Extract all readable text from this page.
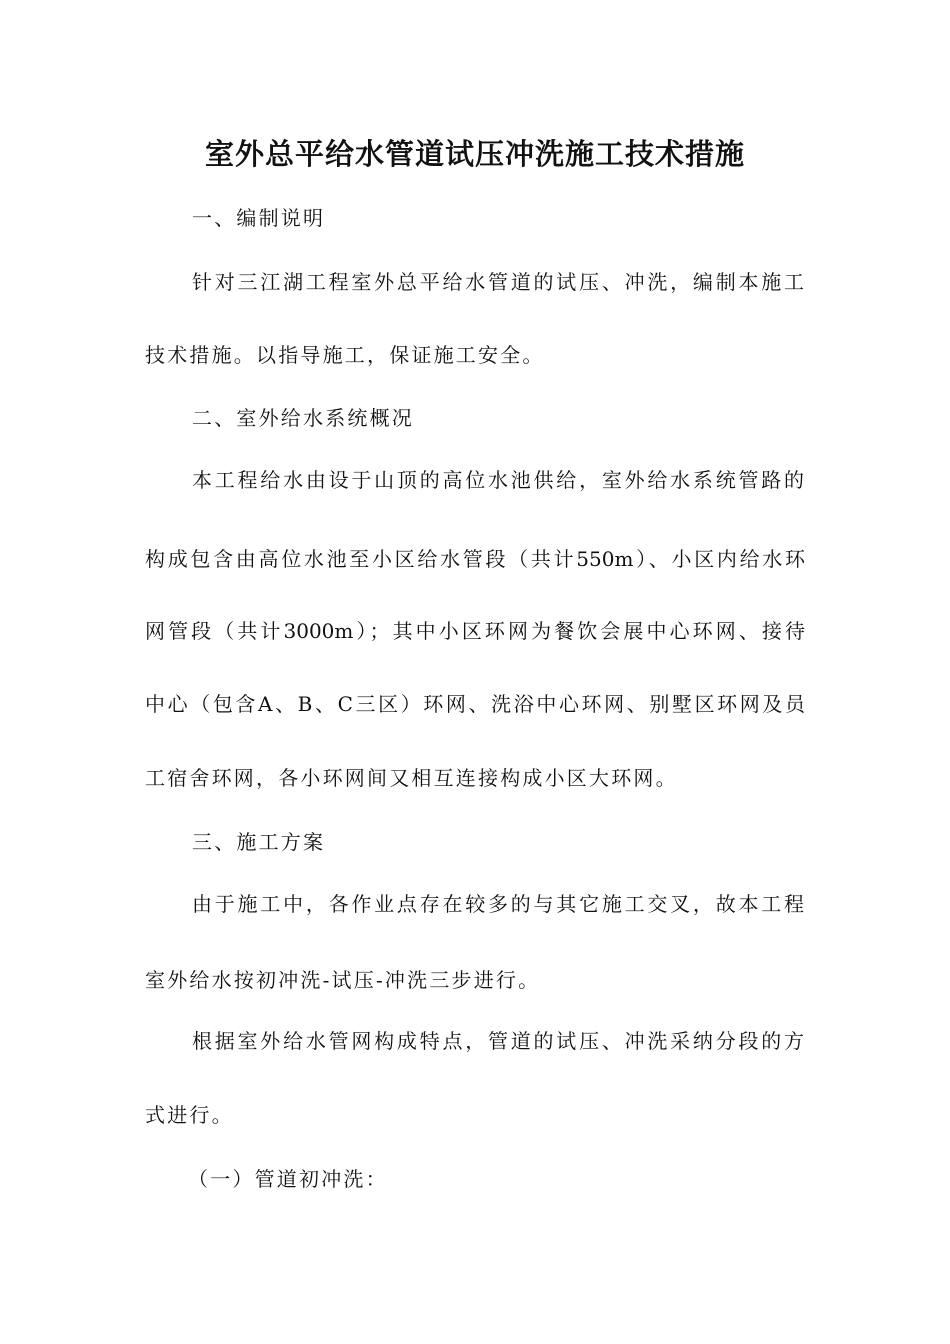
室外总平给水管道试压冲洗施工技术措施
一、编制说明
针对三江湖工程室外总平给水管道的试压、冲洗，编制本施工
技术措施。以指导施工，保证施工安全。
二、室外给水系统概况
本工程给水由设于山顶的高位水池供给，室外给水系统管路的
构成包含由高位水池至小区给水管段（共计550m）、小区内给水环
网管段（共计3000m）；其中小区环网为餐饮会展中心环网、接待
中心（包含A、B、C三区）环网、洗浴中心环网、别墅区环网及员
工宿舍环网，各小环网间又相互连接构成小区大环网。
三、施工方案
由于施工中，各作业点存在较多的与其它施工交叉，故本工程
室外给水按初冲洗-试压-冲洗三步进行。
根据室外给水管网构成特点，管道的试压、冲洗采纳分段的方
式进行。
（一）管道初冲洗：
